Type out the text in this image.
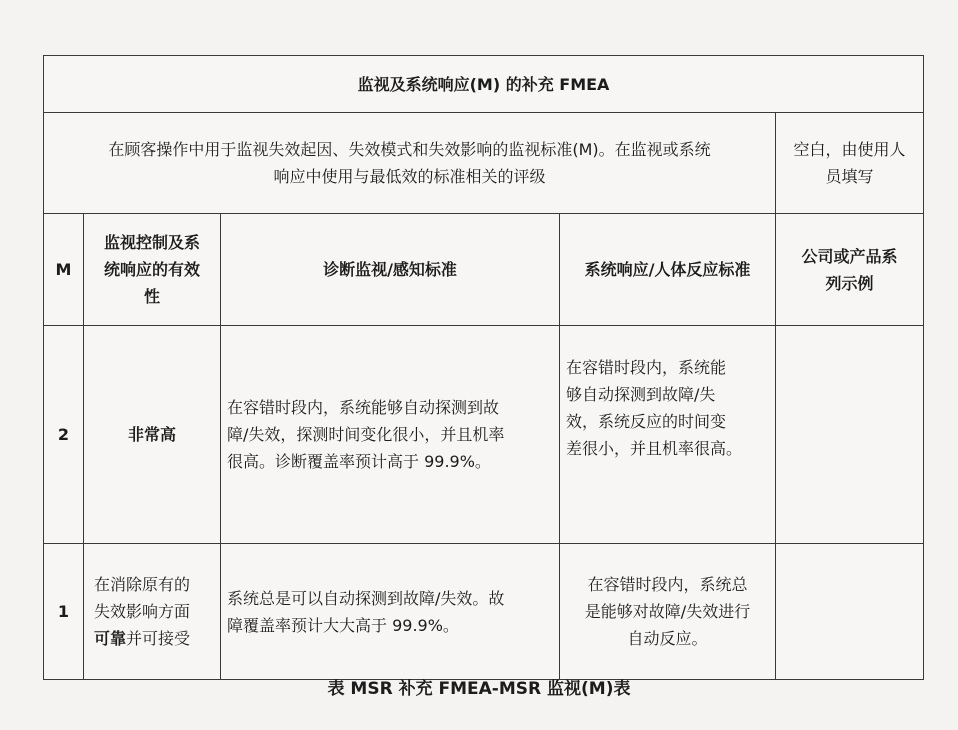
监视及系统响应(M) 的补充 FMEA				
在顾客操作中用于监视失效起因、失效模式和失效影响的监视标准(M)。在监视或系统
响应中使用与最低效的标准相关的评级				空白，由使用人
员填写
M	监视控制及系
统响应的有效
性	诊断监视/感知标准	系统响应/人体反应标准	公司或产品系
列示例
2	非常高	在容错时段内，系统能够自动探测到故
障/失效，探测时间变化很小，并且机率
很高。诊断覆盖率预计高于 99.9%。	在容错时段内，系统能
够自动探测到故障/失
效，系统反应的时间变
差很小，并且机率很高。	
1	在消除原有的
失效影响方面
可靠并可接受	系统总是可以自动探测到故障/失效。故
障覆盖率预计大大高于 99.9%。	在容错时段内，系统总
是能够对故障/失效进行
自动反应。	
表 MSR 补充 FMEA-MSR 监视(M)表
